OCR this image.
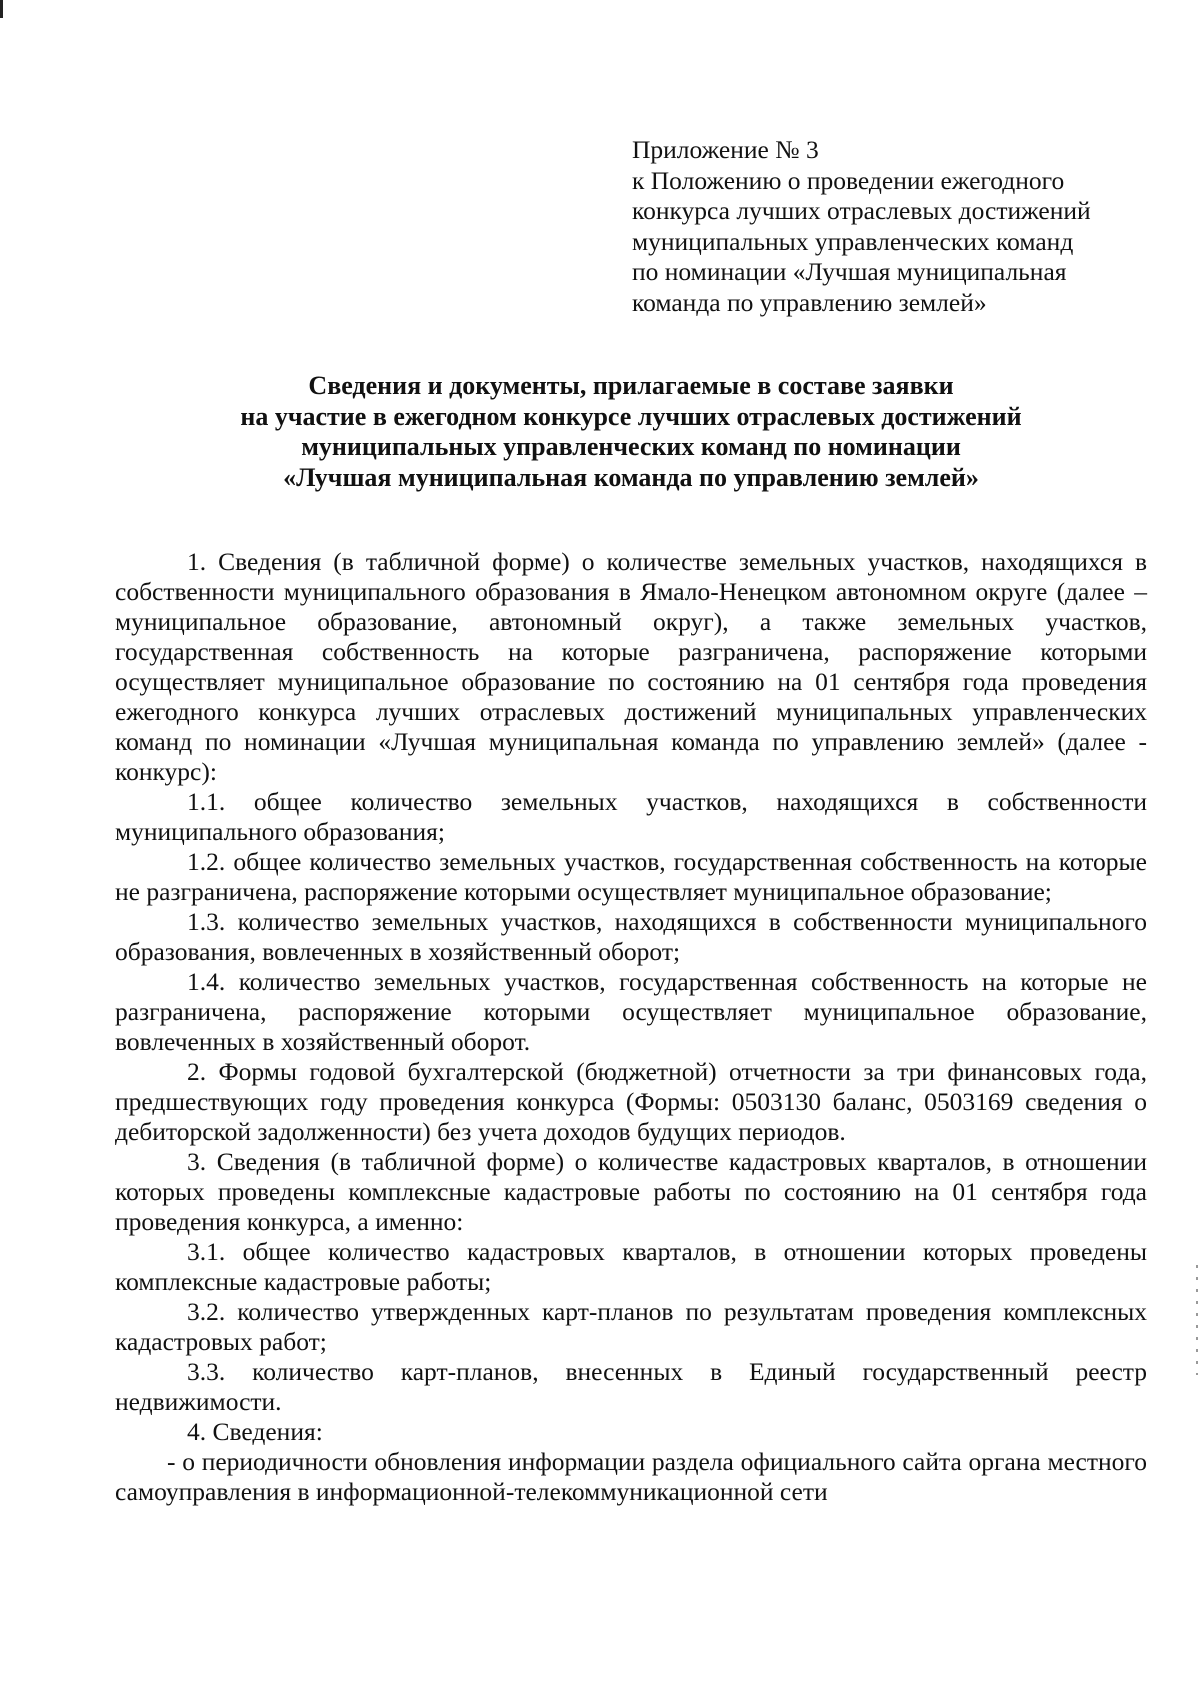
Приложение № 3
к Положению о проведении ежегодного
конкурса лучших отраслевых достижений
муниципальных управленческих команд
по номинации «Лучшая муниципальная
команда по управлению землей»
Сведения и документы, прилагаемые в составе заявки
на участие в ежегодном конкурсе лучших отраслевых достижений
муниципальных управленческих команд по номинации
«Лучшая муниципальная команда по управлению землей»

1. Сведения (в табличной форме) о количестве земельных участков, находящихся в собственности муниципального образования в Ямало-Ненецком автономном округе (далее – муниципальное образование, автономный округ), а также земельных участков, государственная собственность на которые разграничена, распоряжение которыми осуществляет муниципальное образование по состоянию на 01 сентября года проведения ежегодного конкурса лучших отраслевых достижений муниципальных управленческих команд по номинации «Лучшая муниципальная команда по управлению землей» (далее - конкурс):

1.1. общее количество земельных участков, находящихся в собственности муниципального образования;

1.2. общее количество земельных участков, государственная собственность на которые не разграничена, распоряжение которыми осуществляет муниципальное образование;

1.3. количество земельных участков, находящихся в собственности муниципального образования, вовлеченных в хозяйственный оборот;

1.4. количество земельных участков, государственная собственность на которые не разграничена, распоряжение которыми осуществляет муниципальное образование, вовлеченных в хозяйственный оборот.

2. Формы годовой бухгалтерской (бюджетной) отчетности за три финансовых года, предшествующих году проведения конкурса (Формы: 0503130 баланс, 0503169 сведения о дебиторской задолженности) без учета доходов будущих периодов.

3. Сведения (в табличной форме) о количестве кадастровых кварталов, в отношении которых проведены комплексные кадастровые работы по состоянию на 01 сентября года проведения конкурса, а именно:

3.1. общее количество кадастровых кварталов, в отношении которых проведены комплексные кадастровые работы;

3.2. количество утвержденных карт-планов по результатам проведения комплексных кадастровых работ;

3.3. количество карт-планов, внесенных в Единый государственный реестр недвижимости.

4. Сведения:

- о периодичности обновления информации раздела официального сайта органа местного самоуправления в информационной-телекоммуникационной сети
